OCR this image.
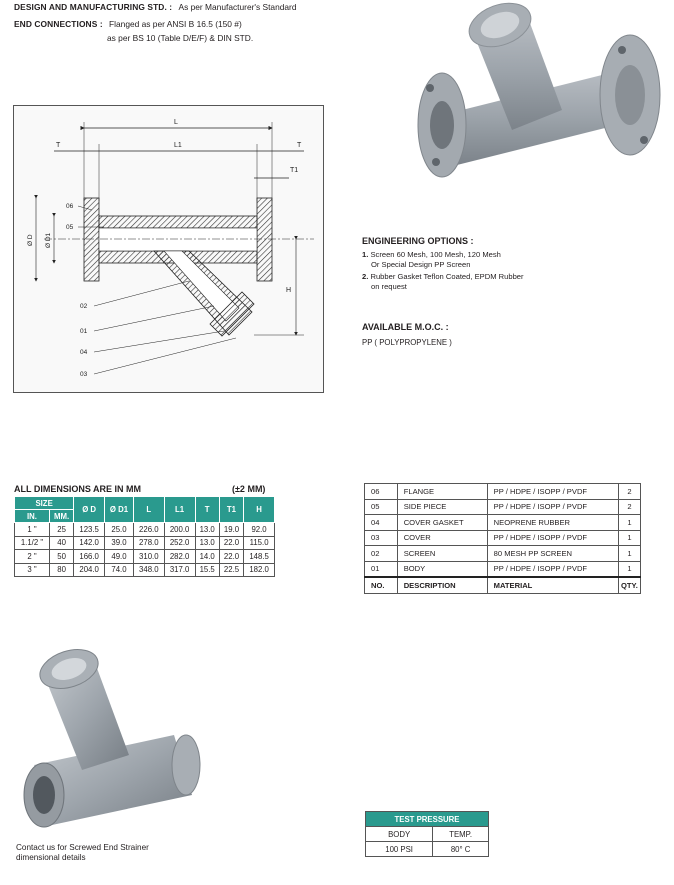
DESIGN AND MANUFACTURING STD. : As per Manufacturer's Standard
END CONNECTIONS : Flanged as per ANSI B 16.5 (150 #)
as per BS 10 (Table D/E/F) & DIN STD.
L
L1
T	T
T1
H
Ø D Ø D1
06
05
02
01
04
03
ENGINEERING OPTIONS :
1. Screen 60 Mesh, 100 Mesh, 120 Mesh
Or Special Design PP Screen
2. Rubber Gasket Teflon Coated, EPDM Rubber
on request
AVAILABLE M.O.C. :
PP ( POLYPROPYLENE )
ALL DIMENSIONS ARE IN MM	(±2 MM)
SIZE		Ø D	Ø D1	L	L1	T	T1	H
IN.	MM.							
1 "	25	123.5	25.0	226.0	200.0	13.0	19.0	92.0
1.1/2 "	40	142.0	39.0	278.0	252.0	13.0	22.0	115.0
2 "	50	166.0	49.0	310.0	282.0	14.0	22.0	148.5
3 "	80	204.0	74.0	348.0	317.0	15.5	22.5	182.0
06	FLANGE	PP / HDPE / ISOPP / PVDF	2
05	SIDE PIECE	PP / HDPE / ISOPP / PVDF	2
04	COVER GASKET	NEOPRENE RUBBER	1
03	COVER	PP / HDPE / ISOPP / PVDF	1
02	SCREEN	80 MESH PP SCREEN	1
01	BODY	PP / HDPE / ISOPP / PVDF	1
NO.	DESCRIPTION	MATERIAL	QTY.
Contact us for Screwed End Strainer
dimensional details
TEST PRESSURE	
BODY	TEMP.
100 PSI	80° C
